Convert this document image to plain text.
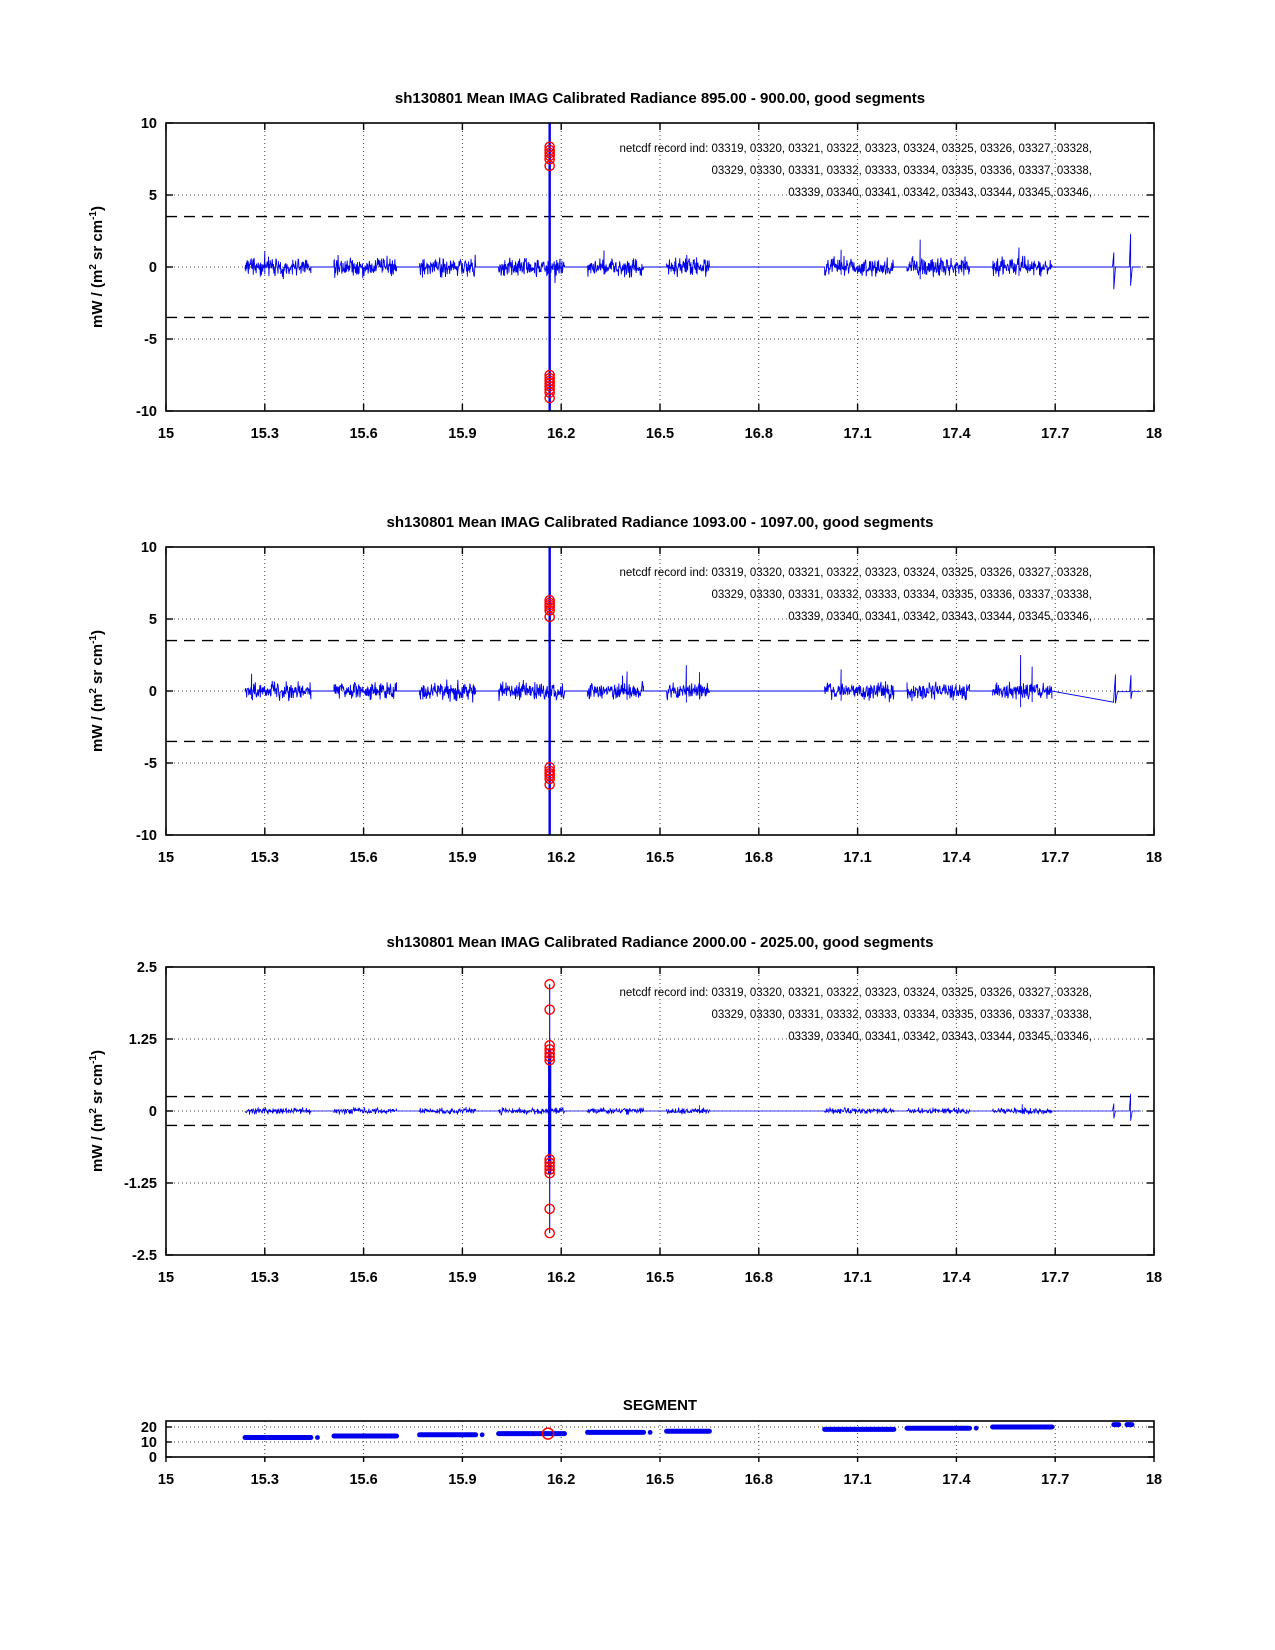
sh130801 Mean IMAG Calibrated Radiance 895.00 - 900.00, good segments
sh130801 Mean IMAG Calibrated Radiance 1093.00 - 1097.00, good segments
sh130801 Mean IMAG Calibrated Radiance 2000.00 - 2025.00, good segments
SEGMENT
mW / ($m^2$ sr $cm^{-1}$)
mW / ($m^2$ sr $cm^{-1}$)
mW / ($m^2$ sr $cm^{-1}$)
15	15.3	15.6	15.9	16.2	16.5	16.8	17.1	17.4	17.7	18
10
5
0
-5
-10
netcdf record ind: 03319, 03320, 03321, 03322, 03323, 03324, 03325, 03326, 03327, 03328,
03329, 03330, 03331, 03332, 03333, 03334, 03335, 03336, 03337, 03338,
03339, 03340, 03341, 03342, 03343, 03344, 03345, 03346,
15	15.3	15.6	15.9	16.2	16.5	16.8	17.1	17.4	17.7	18
10
5
0
-5
-10
netcdf record ind: 03319, 03320, 03321, 03322, 03323, 03324, 03325, 03326, 03327, 03328,
03329, 03330, 03331, 03332, 03333, 03334, 03335, 03336, 03337, 03338,
03339, 03340, 03341, 03342, 03343, 03344, 03345, 03346,
15	15.3	15.6	15.9	16.2	16.5	16.8	17.1	17.4	17.7	18
2.5
1.25
0
-1.25
-2.5
netcdf record ind: 03319, 03320, 03321, 03322, 03323, 03324, 03325, 03326, 03327, 03328,
03329, 03330, 03331, 03332, 03333, 03334, 03335, 03336, 03337, 03338,
03339, 03340, 03341, 03342, 03343, 03344, 03345, 03346,
15	15.3	15.6	15.9	16.2	16.5	16.8	17.1	17.4	17.7	18
20
10
0
